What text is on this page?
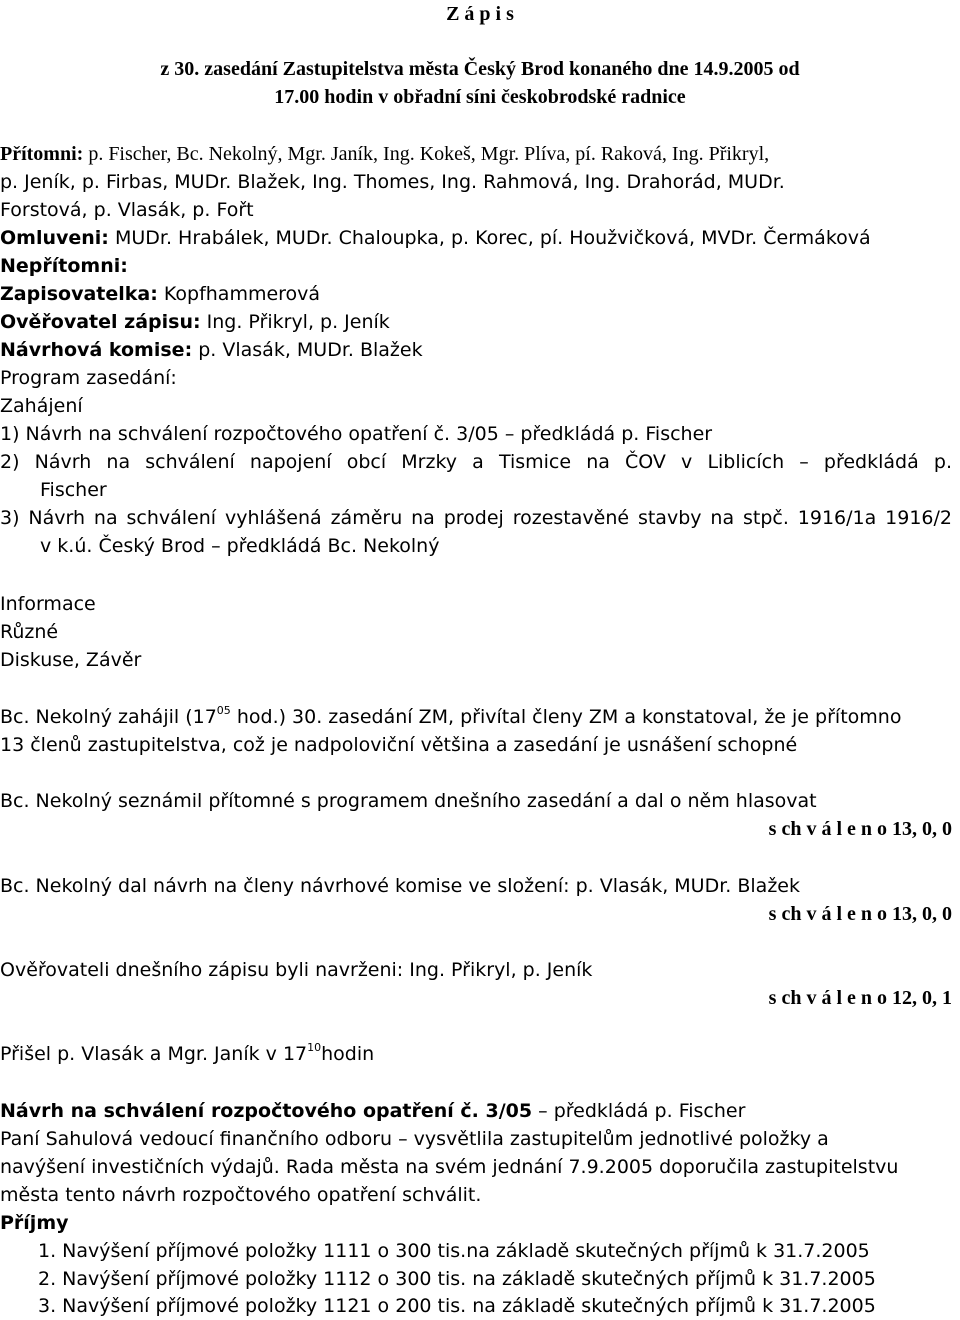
Z á p i s
z 30. zasedání Zastupitelstva města Český Brod konaného dne 14.9.2005 od
17.00 hodin v obřadní síni českobrodské radnice
Přítomni: p. Fischer, Bc. Nekolný, Mgr. Janík, Ing. Kokeš, Mgr. Plíva, pí. Raková, Ing. Přikryl,
p. Jeník, p. Firbas, MUDr. Blažek, Ing. Thomes, Ing. Rahmová, Ing. Drahorád, MUDr.
Forstová, p. Vlasák, p. Fořt
Omluveni: MUDr. Hrabálek, MUDr. Chaloupka, p. Korec, pí. Houžvičková, MVDr. Čermáková
Nepřítomni:
Zapisovatelka: Kopfhammerová
Ověřovatel zápisu: Ing. Přikryl, p. Jeník
Návrhová komise: p. Vlasák, MUDr. Blažek
Program zasedání:
Zahájení
1) Návrh na schválení rozpočtového opatření č. 3/05 – předkládá p. Fischer
2) Návrh na schválení napojení obcí Mrzky a Tismice na ČOV v Liblicích – předkládá p.
Fischer
3) Návrh na schválení vyhlášená záměru na prodej rozestavěné stavby na stpč. 1916/1a 1916/2
v k.ú. Český Brod – předkládá Bc. Nekolný
Informace
Různé
Diskuse, Závěr
Bc. Nekolný zahájil ($17^{05}$ hod.) 30. zasedání ZM, přivítal členy ZM a konstatoval, že je přítomno
13 členů zastupitelstva, což je nadpoloviční většina a zasedání je usnášení schopné
Bc. Nekolný seznámil přítomné s programem dnešního zasedání a dal o něm hlasovat
s ch v á l e n o 13, 0, 0
Bc. Nekolný dal návrh na členy návrhové komise ve složení: p. Vlasák, MUDr. Blažek
s ch v á l e n o 13, 0, 0
Ověřovateli dnešního zápisu byli navrženi: Ing. Přikryl, p. Jeník
s ch v á l e n o 12, 0, 1
Přišel p. Vlasák a Mgr. Janík v $17^{10}hodin$
Návrh na schválení rozpočtového opatření č. 3/05 – předkládá p. Fischer
Paní Sahulová vedoucí finančního odboru – vysvětlila zastupitelům jednotlivé položky a
navýšení investičních výdajů. Rada města na svém jednání 7.9.2005 doporučila zastupitelstvu
města tento návrh rozpočtového opatření schválit.
Příjmy
1. Navýšení příjmové položky 1111 o 300 tis.na základě skutečných příjmů k 31.7.2005
2. Navýšení příjmové položky 1112 o 300 tis. na základě skutečných příjmů k 31.7.2005
3. Navýšení příjmové položky 1121 o 200 tis. na základě skutečných příjmů k 31.7.2005
